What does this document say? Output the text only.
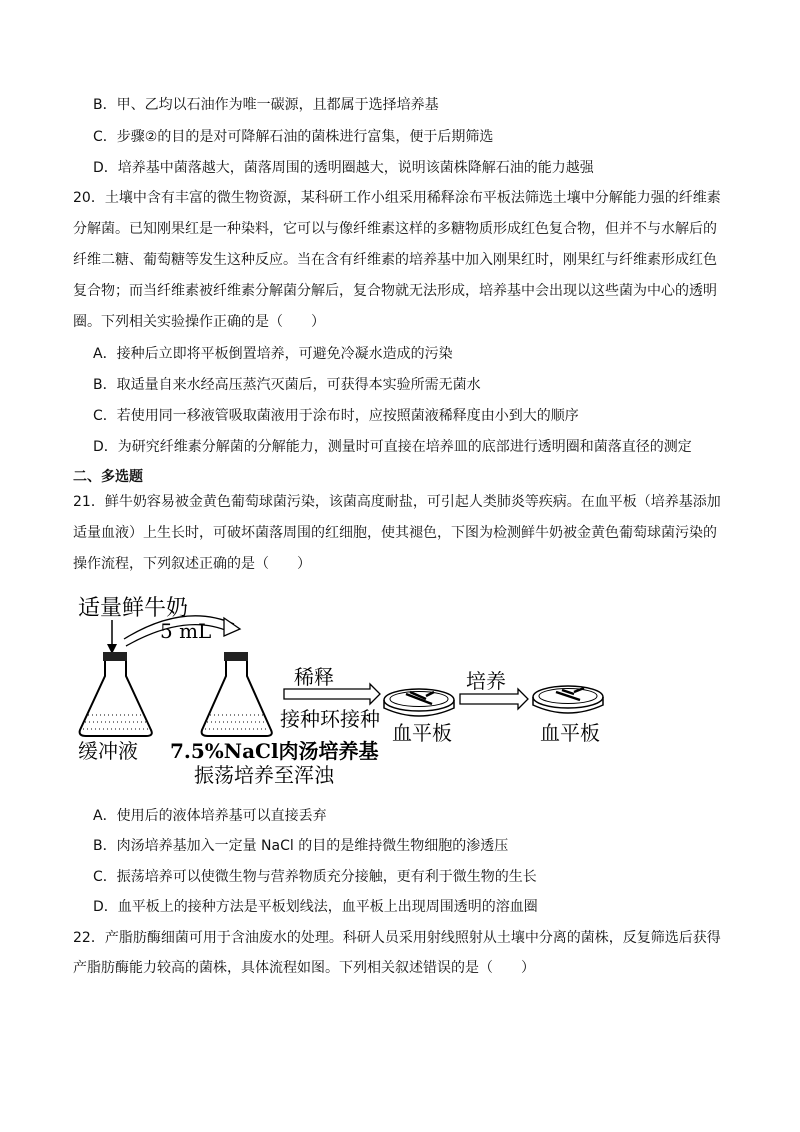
B．甲、乙均以石油作为唯一碳源，且都属于选择培养基
C．步骤②的目的是对可降解石油的菌株进行富集，便于后期筛选
D．培养基中菌落越大，菌落周围的透明圈越大，说明该菌株降解石油的能力越强
20．土壤中含有丰富的微生物资源，某科研工作小组采用稀释涂布平板法筛选土壤中分解能力强的纤维素
分解菌。已知刚果红是一种染料，它可以与像纤维素这样的多糖物质形成红色复合物，但并不与水解后的
纤维二糖、葡萄糖等发生这种反应。当在含有纤维素的培养基中加入刚果红时，刚果红与纤维素形成红色
复合物；而当纤维素被纤维素分解菌分解后，复合物就无法形成，培养基中会出现以这些菌为中心的透明
圈。下列相关实验操作正确的是（　　）
A．接种后立即将平板倒置培养，可避免冷凝水造成的污染
B．取适量自来水经高压蒸汽灭菌后，可获得本实验所需无菌水
C．若使用同一移液管吸取菌液用于涂布时，应按照菌液稀释度由小到大的顺序
D．为研究纤维素分解菌的分解能力，测量时可直接在培养皿的底部进行透明圈和菌落直径的测定
二、多选题
21．鲜牛奶容易被金黄色葡萄球菌污染，该菌高度耐盐，可引起人类肺炎等疾病。在血平板（培养基添加
适量血液）上生长时，可破坏菌落周围的红细胞，使其褪色，下图为检测鲜牛奶被金黄色葡萄球菌污染的
操作流程，下列叙述正确的是（　　）
适量鲜牛奶
5 mL
稀释
接种环接种
培养
缓冲液 7.5%NaCl肉汤培养基
振荡培养至浑浊
血平板	血平板
A．使用后的液体培养基可以直接丢弃
B．肉汤培养基加入一定量 NaCl 的目的是维持微生物细胞的渗透压
C．振荡培养可以使微生物与营养物质充分接触，更有利于微生物的生长
D．血平板上的接种方法是平板划线法，血平板上出现周围透明的溶血圈
22．产脂肪酶细菌可用于含油废水的处理。科研人员采用射线照射从土壤中分离的菌株，反复筛选后获得
产脂肪酶能力较高的菌株，具体流程如图。下列相关叙述错误的是（　　）
